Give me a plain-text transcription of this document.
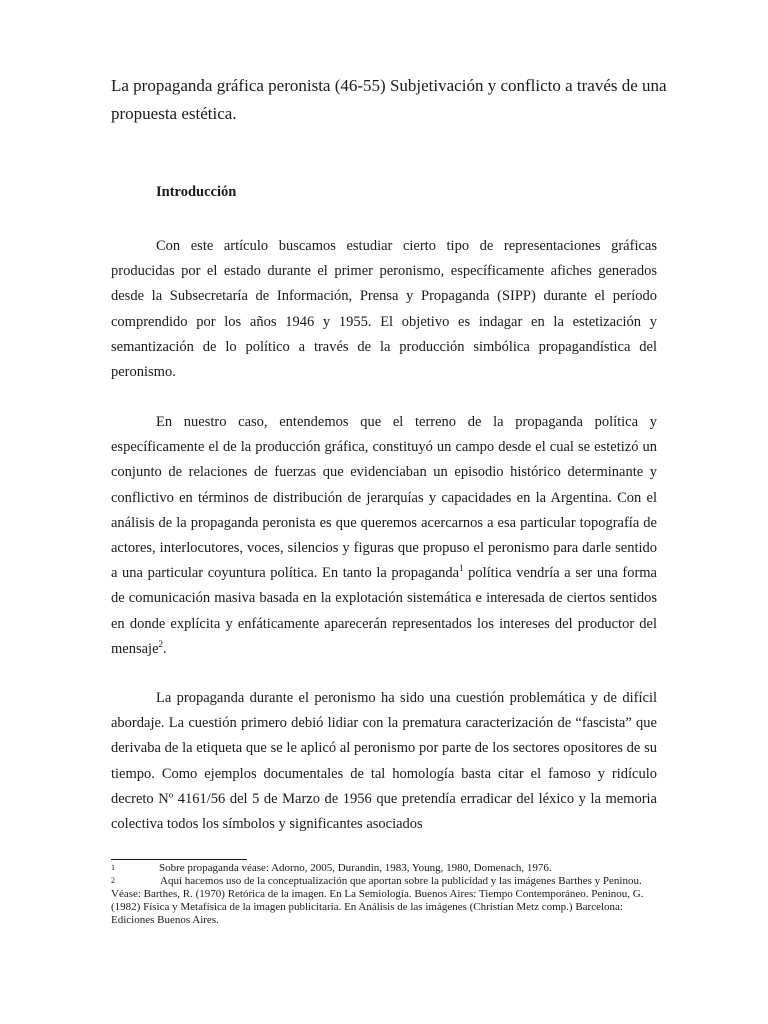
La propaganda gráfica peronista (46-55) Subjetivación y conflicto a través de una propuesta estética.
Introducción

Con este artículo buscamos estudiar cierto tipo de representaciones gráficas producidas por el estado durante el primer peronismo, específicamente afiches generados desde la Subsecretaría de Información, Prensa y Propaganda (SIPP) durante el período comprendido por los años 1946 y 1955. El objetivo es indagar en la estetización y semantización de lo político a través de la producción simbólica propagandística del peronismo.

En nuestro caso, entendemos que el terreno de la propaganda política y específicamente el de la producción gráfica, constituyó un campo desde el cual se estetizó un conjunto de relaciones de fuerzas que evidenciaban un episodio histórico determinante y conflictivo en términos de distribución de jerarquías y capacidades en la Argentina. Con el análisis de la propaganda peronista es que queremos acercarnos a esa particular topografía de actores, interlocutores, voces, silencios y figuras que propuso el peronismo para darle sentido a una particular coyuntura política. En tanto la propaganda$^1$ política vendría a ser una forma de comunicación masiva basada en la explotación sistemática e interesada de ciertos sentidos en donde explícita y enfáticamente aparecerán representados los intereses del productor del mensaje$^2$.

La propaganda durante el peronismo ha sido una cuestión problemática y de difícil abordaje. La cuestión primero debió lidiar con la prematura caracterización de “fascista” que derivaba de la etiqueta que se le aplicó al peronismo por parte de los sectores opositores de su tiempo. Como ejemplos documentales de tal homología basta citar el famoso y ridículo decreto Nº 4161/56 del 5 de Marzo de 1956 que pretendía erradicar del léxico y la memoria colectiva todos los símbolos y significantes asociados

1	Sobre propaganda véase: Adorno, 2005, Durandin, 1983, Young, 1980, Domenach, 1976.

2	Aquí hacemos uso de la conceptualización que aportan sobre la publicidad y las imágenes Barthes y Peninou. Véase: Barthes, R. (1970) Retórica de la imagen. En La Semiología. Buenos Aires: Tiempo Contemporáneo. Peninou, G. (1982) Física y Metafísica de la imagen publicitaria. En Análisis de las imágenes (Christian Metz comp.) Barcelona: Ediciones Buenos Aires.
